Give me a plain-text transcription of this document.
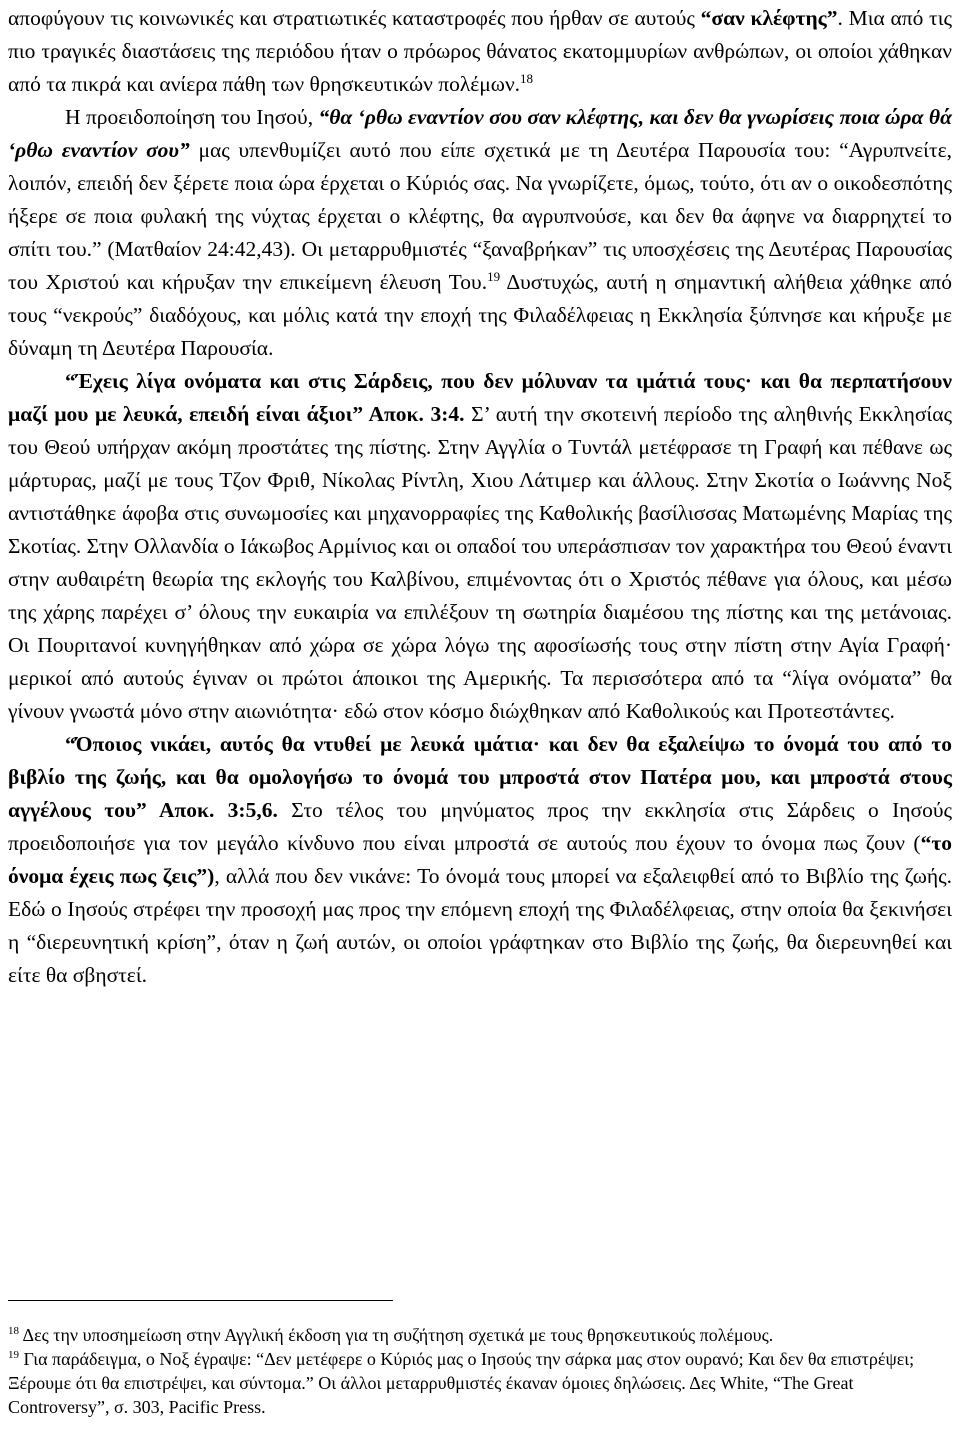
αποφύγουν τις κοινωνικές και στρατιωτικές καταστροφές που ήρθαν σε αυτούς “σαν κλέφτης”. Μια από τις πιο τραγικές διαστάσεις της περιόδου ήταν ο πρόωρος θάνατος εκατομμυρίων ανθρώπων, οι οποίοι χάθηκαν από τα πικρά και ανίερα πάθη των θρησκευτικών πολέμων.$^{18}$

Η προειδοποίηση του Ιησού, “θα ‘ρθω εναντίον σου σαν κλέφτης, και δεν θα γνωρίσεις ποια ώρα θά ‘ρθω εναντίον σου” μας υπενθυμίζει αυτό που είπε σχετικά με τη Δευτέρα Παρουσία του: “Αγρυπνείτε, λοιπόν, επειδή δεν ξέρετε ποια ώρα έρχεται ο Κύριός σας. Να γνωρίζετε, όμως, τούτο, ότι αν ο οικοδεσπότης ήξερε σε ποια φυλακή της νύχτας έρχεται ο κλέφτης, θα αγρυπνούσε, και δεν θα άφηνε να διαρρηχτεί το σπίτι του.” (Ματθαίον 24:42,43). Οι μεταρρυθμιστές “ξαναβρήκαν” τις υποσχέσεις της Δευτέρας Παρουσίας του Χριστού και κήρυξαν την επικείμενη έλευση Του.$^{19}$ Δυστυχώς, αυτή η σημαντική αλήθεια χάθηκε από τους “νεκρούς” διαδόχους, και μόλις κατά την εποχή της Φιλαδέλφειας η Εκκλησία ξύπνησε και κήρυξε με δύναμη τη Δευτέρα Παρουσία.

“Έχεις λίγα ονόματα και στις Σάρδεις, που δεν μόλυναν τα ιμάτιά τους· και θα περπατήσουν μαζί μου με λευκά, επειδή είναι άξιοι” Αποκ. 3:4. Σ’ αυτή την σκοτεινή περίοδο της αληθινής Εκκλησίας του Θεού υπήρχαν ακόμη προστάτες της πίστης. Στην Αγγλία ο Τυντάλ μετέφρασε τη Γραφή και πέθανε ως μάρτυρας, μαζί με τους Τζον Φριθ, Νίκολας Ρίντλη, Χιου Λάτιμερ και άλλους. Στην Σκοτία ο Ιωάννης Νοξ αντιστάθηκε άφοβα στις συνωμοσίες και μηχανορραφίες της Καθολικής βασίλισσας Ματωμένης Μαρίας της Σκοτίας. Στην Ολλανδία ο Ιάκωβος Αρμίνιος και οι οπαδοί του υπεράσπισαν τον χαρακτήρα του Θεού έναντι στην αυθαιρέτη θεωρία της εκλογής του Καλβίνου, επιμένοντας ότι ο Χριστός πέθανε για όλους, και μέσω της χάρης παρέχει σ’ όλους την ευκαιρία να επιλέξουν τη σωτηρία διαμέσου της πίστης και της μετάνοιας. Οι Πουριτανοί κυνηγήθηκαν από χώρα σε χώρα λόγω της αφοσίωσής τους στην πίστη στην Αγία Γραφή· μερικοί από αυτούς έγιναν οι πρώτοι άποικοι της Αμερικής. Τα περισσότερα από τα “λίγα ονόματα” θα γίνουν γνωστά μόνο στην αιωνιότητα· εδώ στον κόσμο διώχθηκαν από Καθολικούς και Προτεστάντες.

“Όποιος νικάει, αυτός θα ντυθεί με λευκά ιμάτια· και δεν θα εξαλείψω το όνομά του από το βιβλίο της ζωής, και θα ομολογήσω το όνομά του μπροστά στον Πατέρα μου, και μπροστά στους αγγέλους του” Αποκ. 3:5,6. Στο τέλος του μηνύματος προς την εκκλησία στις Σάρδεις ο Ιησούς προειδοποιήσε για τον μεγάλο κίνδυνο που είναι μπροστά σε αυτούς που έχουν το όνομα πως ζουν (“το όνομα έχεις πως ζεις”), αλλά που δεν νικάνε: Το όνομά τους μπορεί να εξαλειφθεί από το Βιβλίο της ζωής. Εδώ ο Ιησούς στρέφει την προσοχή μας προς την επόμενη εποχή της Φιλαδέλφειας, στην οποία θα ξεκινήσει η “διερευνητική κρίση”, όταν η ζωή αυτών, οι οποίοι γράφτηκαν στο Βιβλίο της ζωής, θα διερευνηθεί και είτε θα σβηστεί.

$^{18}$ Δες την υποσημείωση στην Αγγλική έκδοση για τη συζήτηση σχετικά με τους θρησκευτικούς πολέμους.

$^{19}$ Για παράδειγμα, ο Νοξ έγραψε: “Δεν μετέφερε ο Κύριός μας ο Ιησούς την σάρκα μας στον ουρανό; Και δεν θα επιστρέψει; Ξέρουμε ότι θα επιστρέψει, και σύντομα.” Οι άλλοι μεταρρυθμιστές έκαναν όμοιες δηλώσεις. Δες White, “The Great Controversy”, σ. 303, Pacific Press.
